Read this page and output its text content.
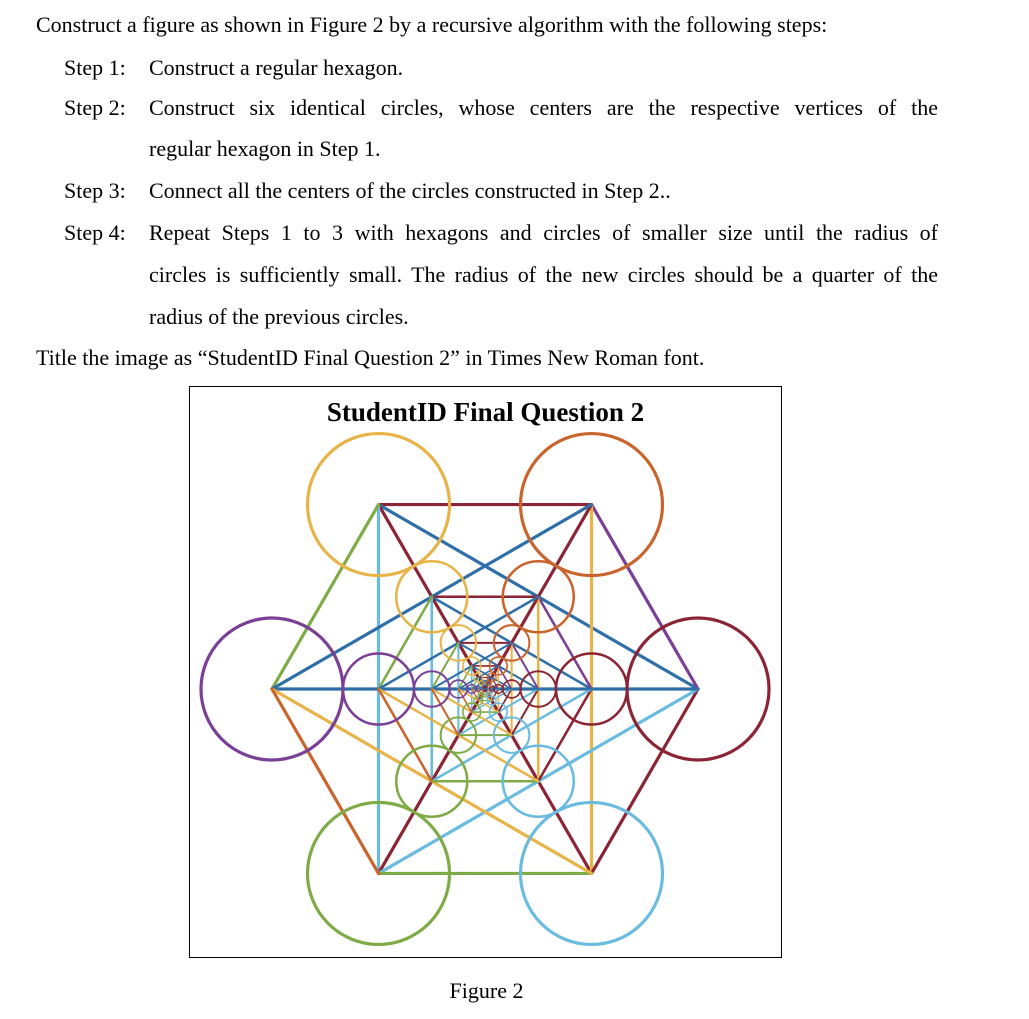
Construct a figure as shown in Figure 2 by a recursive algorithm with the following steps:
Step 1: Construct a regular hexagon.
Step 2: Construct six identical circles, whose centers are the respective vertices of the
regular hexagon in Step 1.
Step 3: Connect all the centers of the circles constructed in Step 2..
Step 4: Repeat Steps 1 to 3 with hexagons and circles of smaller size until the radius of
circles is sufficiently small. The radius of the new circles should be a quarter of the
radius of the previous circles.
Title the image as “StudentID Final Question 2” in Times New Roman font.
StudentID Final Question 2
Figure 2
